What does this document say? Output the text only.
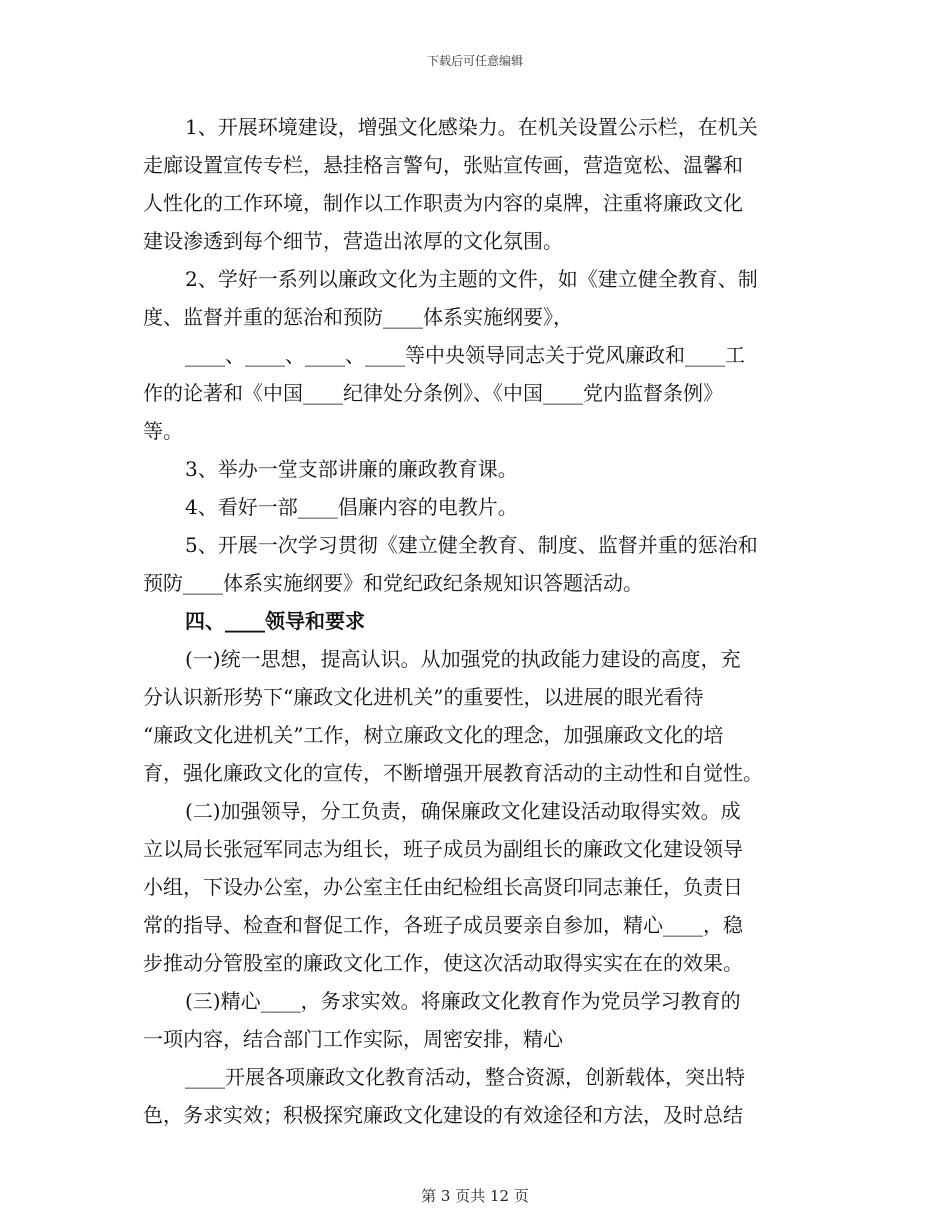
下载后可任意编辑
1、开展环境建设，增强文化感染力。在机关设置公示栏，在机关
走廊设置宣传专栏，悬挂格言警句，张贴宣传画，营造宽松、温馨和
人性化的工作环境，制作以工作职责为内容的桌牌，注重将廉政文化
建设渗透到每个细节，营造出浓厚的文化氛围。
2、学好一系列以廉政文化为主题的文件，如《建立健全教育、制
度、监督并重的惩治和预防____体系实施纲要》，
____、____、____、____等中央领导同志关于党风廉政和____工
作的论著和《中国____纪律处分条例》、《中国____党内监督条例》
等。
3、举办一堂支部讲廉的廉政教育课。
4、看好一部____倡廉内容的电教片。
5、开展一次学习贯彻《建立健全教育、制度、监督并重的惩治和
预防____体系实施纲要》和党纪政纪条规知识答题活动。
四、____领导和要求
(一)统一思想，提高认识。从加强党的执政能力建设的高度，充
分认识新形势下“廉政文化进机关”的重要性，以进展的眼光看待
“廉政文化进机关”工作，树立廉政文化的理念，加强廉政文化的培
育，强化廉政文化的宣传，不断增强开展教育活动的主动性和自觉性。
(二)加强领导，分工负责，确保廉政文化建设活动取得实效。成
立以局长张冠军同志为组长，班子成员为副组长的廉政文化建设领导
小组，下设办公室，办公室主任由纪检组长高贤印同志兼任，负责日
常的指导、检查和督促工作，各班子成员要亲自参加，精心____，稳
步推动分管股室的廉政文化工作，使这次活动取得实实在在的效果。
(三)精心____，务求实效。将廉政文化教育作为党员学习教育的
一项内容，结合部门工作实际，周密安排，精心
____开展各项廉政文化教育活动，整合资源，创新载体，突出特
色，务求实效；积极探究廉政文化建设的有效途径和方法，及时总结
第 3 页共 12 页
